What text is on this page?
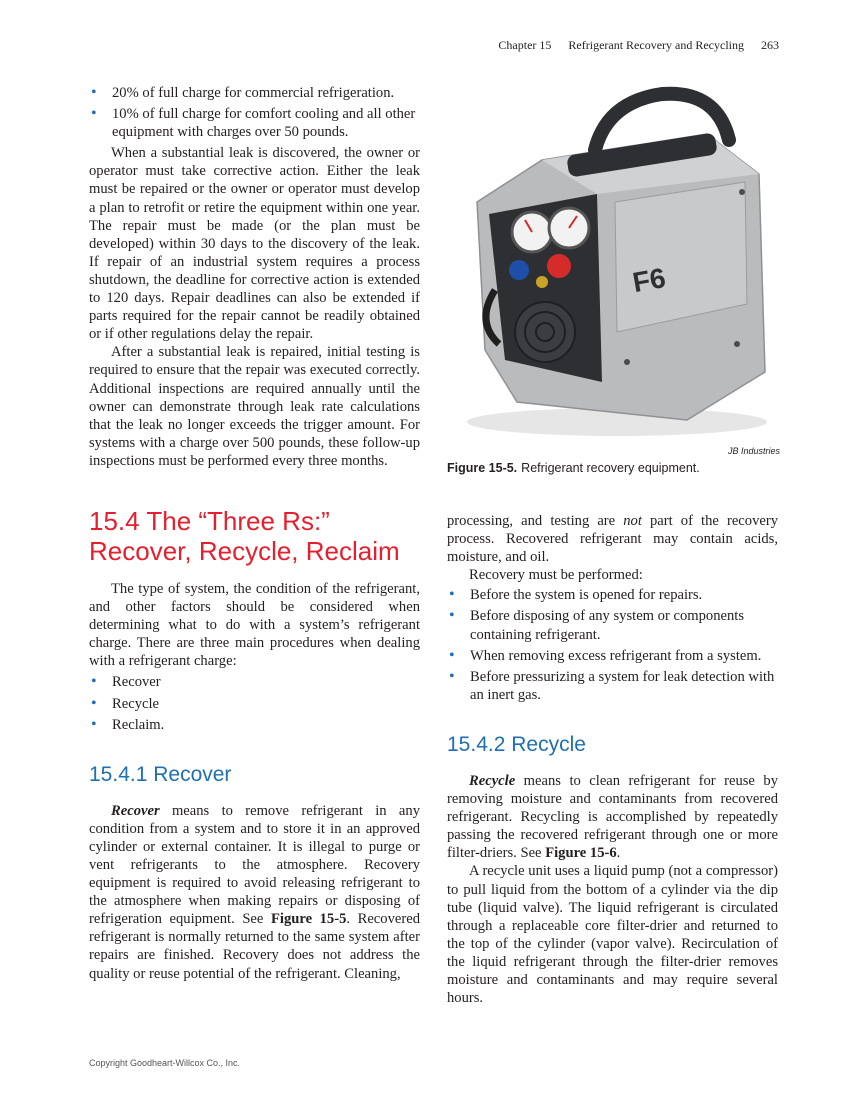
Chapter 15 Refrigerant Recovery and Recycling 263
• 20% of full charge for commercial refrigeration.
• 10% of full charge for comfort cooling and all other equipment with charges over 50 pounds.

When a substantial leak is discovered, the owner or operator must take corrective action. Either the leak must be repaired or the owner or operator must develop a plan to retrofit or retire the equipment within one year. The repair must be made (or the plan must be developed) within 30 days to the discovery of the leak. If repair of an industrial system requires a process shutdown, the deadline for corrective action is extended to 120 days. Repair deadlines can also be extended if parts required for the repair cannot be readily obtained or if other regulations delay the repair.

After a substantial leak is repaired, initial testing is required to ensure that the repair was executed correctly. Additional inspections are required annually until the owner can demonstrate through leak rate calculations that the leak no longer exceeds the trigger amount. For systems with a charge over 500 pounds, these follow-up inspections must be performed every three months.

15.4 The “Three Rs:” Recover, Recycle, Reclaim

The type of system, the condition of the refrigerant, and other factors should be considered when determining what to do with a system’s refrigerant charge. There are three main procedures when dealing with a refrigerant charge:

• Recover
• Recycle
• Reclaim.
15.4.1 Recover

Recover means to remove refrigerant in any condition from a system and to store it in an approved cylinder or external container. It is illegal to purge or vent refrigerants to the atmosphere. Recovery equipment is required to avoid releasing refrigerant to the atmosphere when making repairs or disposing of refrigeration equipment. See Figure 15-5. Recovered refrigerant is normally returned to the same system after repairs are finished. Recovery does not address the quality or reuse potential of the refrigerant. Cleaning,

F6
JB Industries
Figure 15-5. Refrigerant recovery equipment.

processing, and testing are not part of the recovery process. Recovered refrigerant may contain acids, moisture, and oil.

Recovery must be performed:

• Before the system is opened for repairs.
• Before disposing of any system or components containing refrigerant.
• When removing excess refrigerant from a system.
• Before pressurizing a system for leak detection with an inert gas.
15.4.2 Recycle

Recycle means to clean refrigerant for reuse by removing moisture and contaminants from recovered refrigerant. Recycling is accomplished by repeatedly passing the recovered refrigerant through one or more filter-driers. See Figure 15-6.

A recycle unit uses a liquid pump (not a compressor) to pull liquid from the bottom of a cylinder via the dip tube (liquid valve). The liquid refrigerant is circulated through a replaceable core filter-drier and returned to the top of the cylinder (vapor valve). Recirculation of the liquid refrigerant through the filter-drier removes moisture and contaminants and may require several hours.

Copyright Goodheart-Willcox Co., Inc.
